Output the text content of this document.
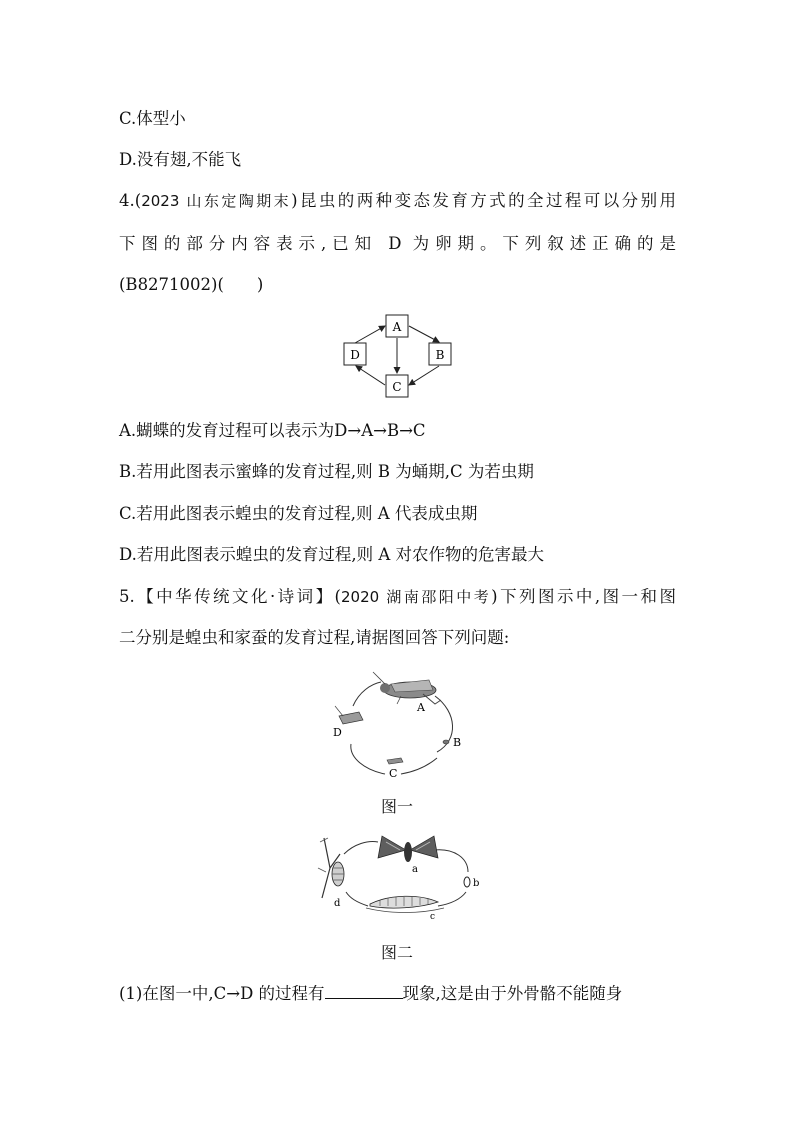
C.体型小
D.没有翅,不能飞
4.(2023 山东定陶期末)昆虫的两种变态发育方式的全过程可以分别用
下图的部分内容表示,已知 D 为卵期。下列叙述正确的是
(B8271002)(　　)
A
B
C
D
A.蝴蝶的发育过程可以表示为D→A→B→C
B.若用此图表示蜜蜂的发育过程,则 B 为蛹期,C 为若虫期
C.若用此图表示蝗虫的发育过程,则 A 代表成虫期
D.若用此图表示蝗虫的发育过程,则 A 对农作物的危害最大
5.【中华传统文化·诗词】(2020 湖南邵阳中考)下列图示中,图一和图
二分别是蝗虫和家蚕的发育过程,请据图回答下列问题:
A
B
C
D
图一
a
b
c
d
图二
(1)在图一中,C→D 的过程有	现象,这是由于外骨骼不能随身
